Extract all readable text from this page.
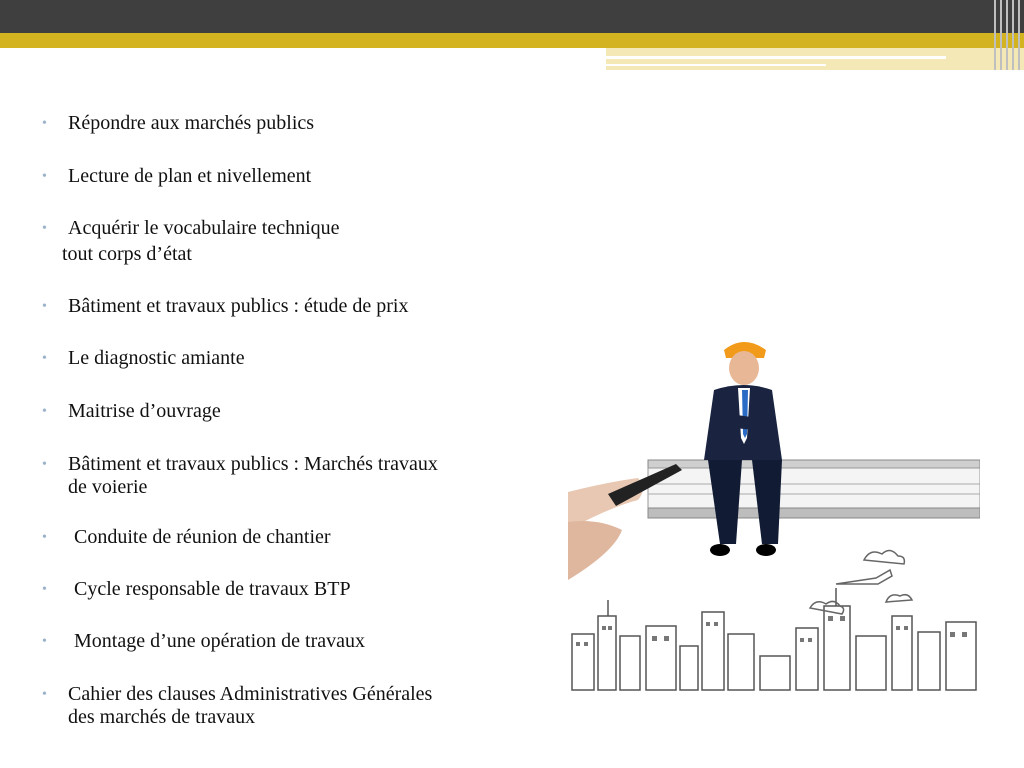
• Répondre aux marchés publics
• Lecture de plan et nivellement
• Acquérir le vocabulaire technique
• Bâtiment et travaux publics : étude de prix
• Le diagnostic amiante
• Maitrise d’ouvrage
• Bâtiment et travaux publics : Marchés travaux
de voierie
•	Conduite de réunion de chantier
•	Cycle responsable de travaux BTP
•	Montage d’une opération de travaux
• Cahier des clauses Administratives Générales
des marchés de travaux
tout corps d’état
